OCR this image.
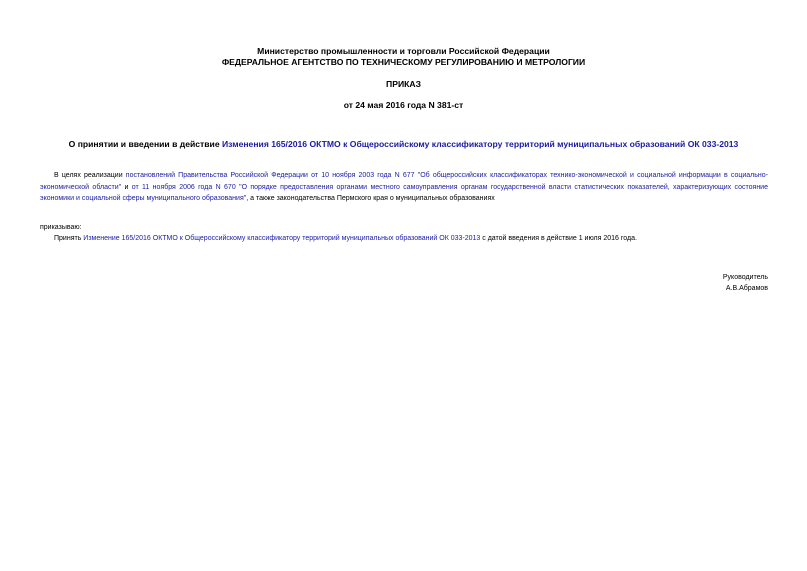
Министерство промышленности и торговли Российской Федерации
ФЕДЕРАЛЬНОЕ АГЕНТСТВО ПО ТЕХНИЧЕСКОМУ РЕГУЛИРОВАНИЮ И МЕТРОЛОГИИ
ПРИКАЗ
от 24 мая 2016 года N 381-ст
О принятии и введении в действие Изменения 165/2016 ОКТМО к Общероссийскому классификатору территорий муниципальных образований ОК 033-2013
В целях реализации постановлений Правительства Российской Федерации от 10 ноября 2003 года N 677 "Об общероссийских классификаторах технико-экономической и социальной информации в социально-экономической области" и от 11 ноября 2006 года N 670 "О порядке предоставления органами местного самоуправления органам государственной власти статистических показателей, характеризующих состояние экономики и социальной сферы муниципального образования", а также законодательства Пермского края о муниципальных образованиях
приказываю:
Принять Изменение 165/2016 ОКТМО к Общероссийскому классификатору территорий муниципальных образований ОК 033-2013 с датой введения в действие 1 июля 2016 года.
Руководитель
А.В.Абрамов
